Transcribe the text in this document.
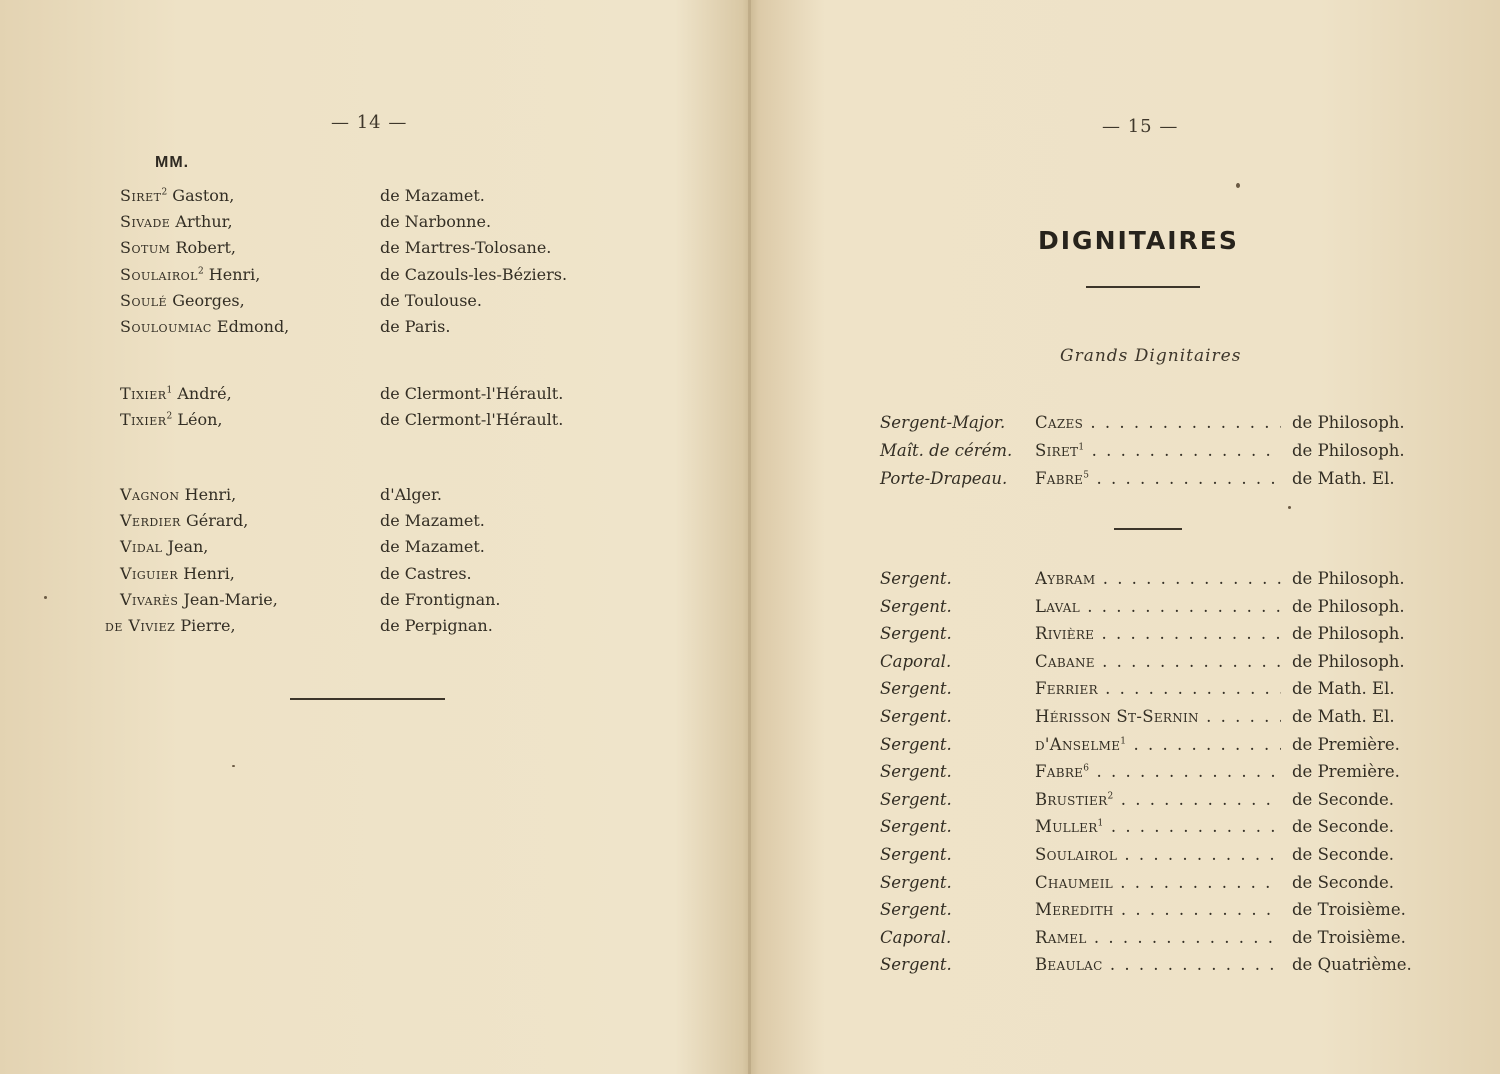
— 14 —
MM.
Siret$^2$ Gaston,	de Mazamet.
Sivade Arthur,	de Narbonne.
Sotum Robert,	de Martres-Tolosane.
Soulairol$^2$ Henri,	de Cazouls-les-Béziers.
Soulé Georges,	de Toulouse.
Souloumiac Edmond,	de Paris.
Tixier$^1$ André,	de Clermont-l'Hérault.
Tixier$^2$ Léon,	de Clermont-l'Hérault.
Vagnon Henri,	d'Alger.
Verdier Gérard,	de Mazamet.
Vidal Jean,	de Mazamet.
Viguier Henri,	de Castres.
Vivarès Jean-Marie,	de Frontignan.
de Viviez Pierre,	de Perpignan.
— 15 —
DIGNITAIRES
Grands Dignitaires
Sergent-Major. Cazes . . .	de Philosoph.
Maît. de cérém. Siret$^1$ . . .	de Philosoph.
Porte-Drapeau. Fabre$^5$ . . .	de Math. El.
Sergent.	Aybram . . .	de Philosoph.
Sergent.	Laval . . .	de Philosoph.
Sergent.	Rivière . . .	de Philosoph.
Caporal.	Cabane . . .	de Philosoph.
Sergent.	Ferrier . . .	de Math. El.
Sergent.	Hérisson St-Sernin . . .	de Math. El.
Sergent.	d'Anselme$^1$ . . .	de Première.
Sergent.	Fabre$^6$ . . .	de Première.
Sergent.	Brustier$^2$ . . .	de Seconde.
Sergent.	Muller$^1$ . . .	de Seconde.
Sergent.	Soulairol . . .	de Seconde.
Sergent.	Chaumeil . . .	de Seconde.
Sergent.	Meredith . . .	de Troisième.
Caporal.	Ramel . . .	de Troisième.
Sergent.	Beaulac . . .	de Quatrième.
